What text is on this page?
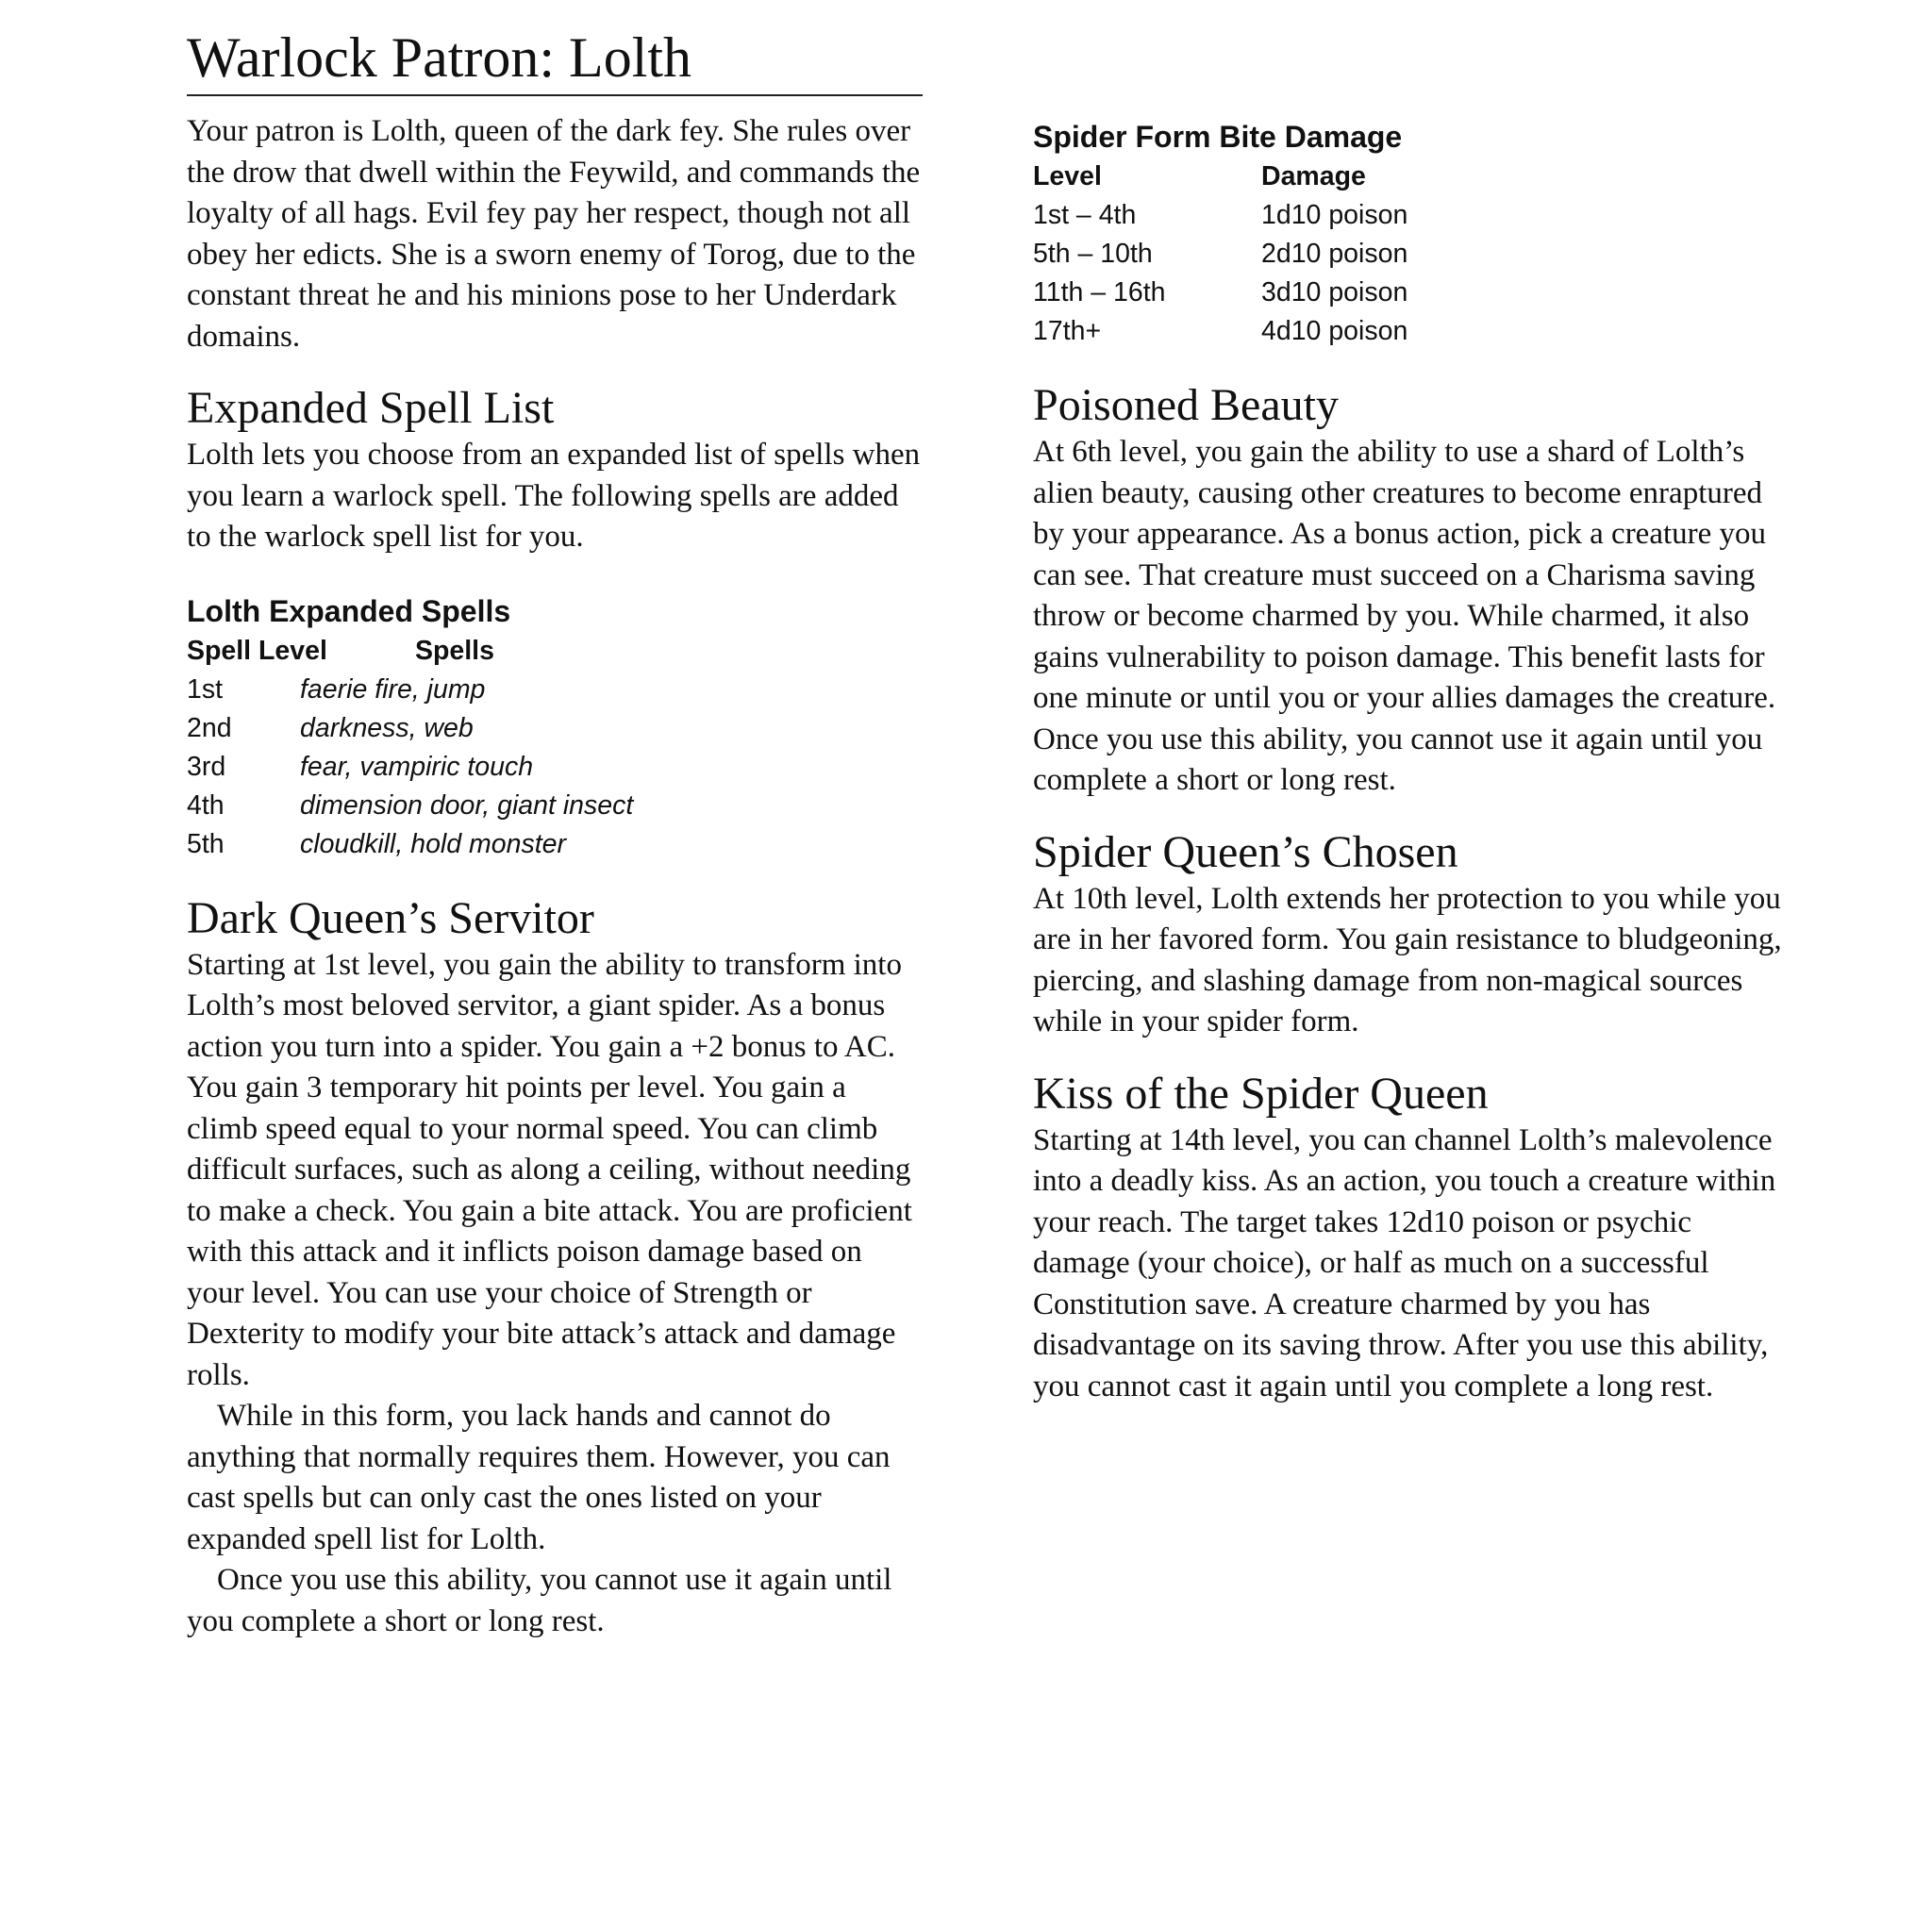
Warlock Patron: Lolth

Your patron is Lolth, queen of the dark fey. She rules over the drow that dwell within the Feywild, and commands the loyalty of all hags. Evil fey pay her respect, though not all obey her edicts. She is a sworn enemy of Torog, due to the constant threat he and his minions pose to her Underdark domains.

Expanded Spell List

Lolth lets you choose from an expanded list of spells when you learn a warlock spell. The following spells are added to the warlock spell list for you.

Lolth Expanded Spells
Spell Level Spells	
1st	faerie fire, jump
2nd	darkness, web
3rd	fear, vampiric touch
4th	dimension door, giant insect
5th	cloudkill, hold monster
Dark Queen’s Servitor

Starting at 1st level, you gain the ability to transform into Lolth’s most beloved servitor, a giant spider. As a bonus action you turn into a spider. You gain a +2 bonus to AC. You gain 3 temporary hit points per level. You gain a climb speed equal to your normal speed. You can climb difficult surfaces, such as along a ceiling, without needing to make a check. You gain a bite attack. You are proficient with this attack and it inflicts poison damage based on your level. You can use your choice of Strength or Dexterity to modify your bite attack’s attack and damage rolls.

While in this form, you lack hands and cannot do anything that normally requires them. However, you can cast spells but can only cast the ones listed on your expanded spell list for Lolth.

Once you use this ability, you cannot use it again until you complete a short or long rest.

Spider Form Bite Damage
Level	Damage
1st – 4th	1d10 poison
5th – 10th	2d10 poison
11th – 16th	3d10 poison
17th+	4d10 poison
Poisoned Beauty

At 6th level, you gain the ability to use a shard of Lolth’s alien beauty, causing other creatures to become enraptured by your appearance. As a bonus action, pick a creature you can see. That creature must succeed on a Charisma saving throw or become charmed by you. While charmed, it also gains vulnerability to poison damage. This benefit lasts for one minute or until you or your allies damages the creature. Once you use this ability, you cannot use it again until you complete a short or long rest.

Spider Queen’s Chosen

At 10th level, Lolth extends her protection to you while you are in her favored form. You gain resistance to bludgeoning, piercing, and slashing damage from non-magical sources while in your spider form.

Kiss of the Spider Queen

Starting at 14th level, you can channel Lolth’s malevolence into a deadly kiss. As an action, you touch a creature within your reach. The target takes 12d10 poison or psychic damage (your choice), or half as much on a successful Constitution save. A creature charmed by you has disadvantage on its saving throw. After you use this ability, you cannot cast it again until you complete a long rest.
